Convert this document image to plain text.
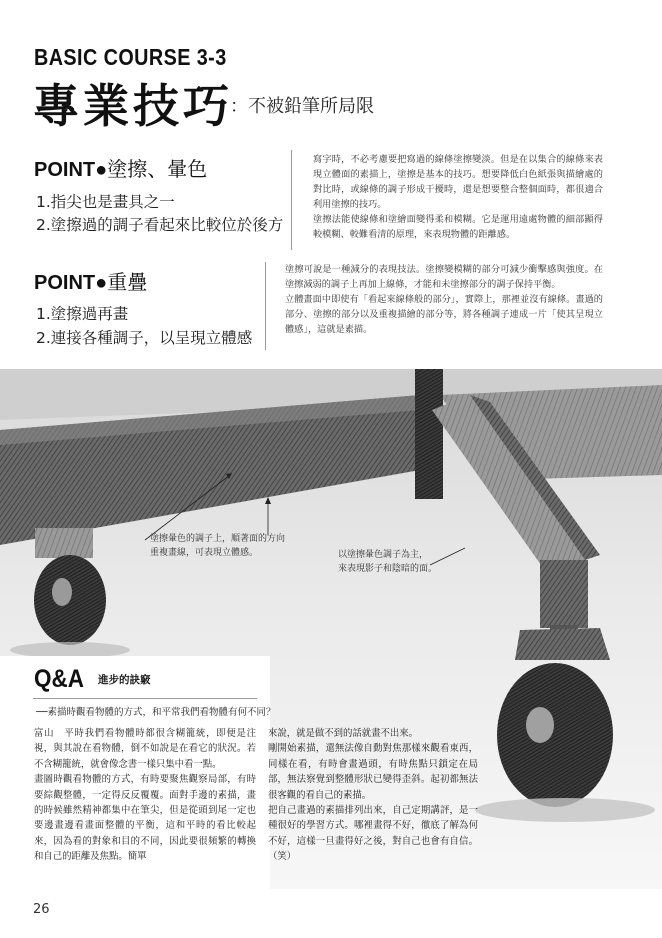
BASIC COURSE 3-3
專業技巧
：不被鉛筆所局限
POINT●塗擦、暈色
1.指尖也是畫具之一
2.塗擦過的調子看起來比較位於後方
寫字時，不必考慮要把寫過的線條塗擦變淡。但是在以集合的線條來表現立體面的素描上，塗擦是基本的技巧。想要降低白色紙張與描繪處的對比時，或線條的調子形成干擾時，還是想要整合整個面時，都很適合利用塗擦的技巧。
塗擦法能使線條和塗繪面變得柔和模糊。它是運用遠處物體的細部顯得較模糊、較難看清的原理，來表現物體的距離感。
POINT●重疊
1.塗擦過再畫
2.連接各種調子，以呈現立體感
塗擦可說是一種減分的表現技法。塗擦變模糊的部分可減少衝擊感與強度。在塗擦減弱的調子上再加上線條，才能和未塗擦部分的調子保持平衡。
立體畫面中即使有「看起來線條般的部分」，實際上，那裡並沒有線條。畫過的部分、塗擦的部分以及重複描繪的部分等，將各種調子連成一片「使其呈現立體感」，這就是素描。
塗擦暈色的調子上，順著面的方向
重複畫線，可表現立體感。	以塗擦暈色調子為主，
來表現影子和陰暗的面。
Q&A 進步的訣竅
──素描時觀看物體的方式，和平常我們看物體有何不同？
富山　平時我們看物體時都很含糊籠統，即便是注視，與其說在看物體，倒不如說是在看它的狀況。若不含糊籠統，就會像念書一樣只集中看一點。
畫圖時觀看物體的方式，有時要聚焦觀察局部，有時要綜觀整體，一定得反反覆覆。面對手邊的素描，畫的時候雖然精神都集中在筆尖，但是從頭到尾一定也要邊畫邊看畫面整體的平衡，這和平時的看比較起來，因為看的對象和目的不同，因此要很頻繁的轉換和自己的距離及焦點。簡單
來說，就是做不到的話就畫不出來。
剛開始素描，還無法像自動對焦那樣來觀看東西，同樣在看，有時會畫過頭，有時焦點只鎖定在局部，無法察覺到整體形狀已變得歪斜。起初都無法很客觀的看自己的素描。
把自己畫過的素描排列出來，自己定期講評，是一種很好的學習方式。哪裡畫得不好，徹底了解為何不好，這樣一旦畫得好之後，對自己也會有自信。（笑）
26
